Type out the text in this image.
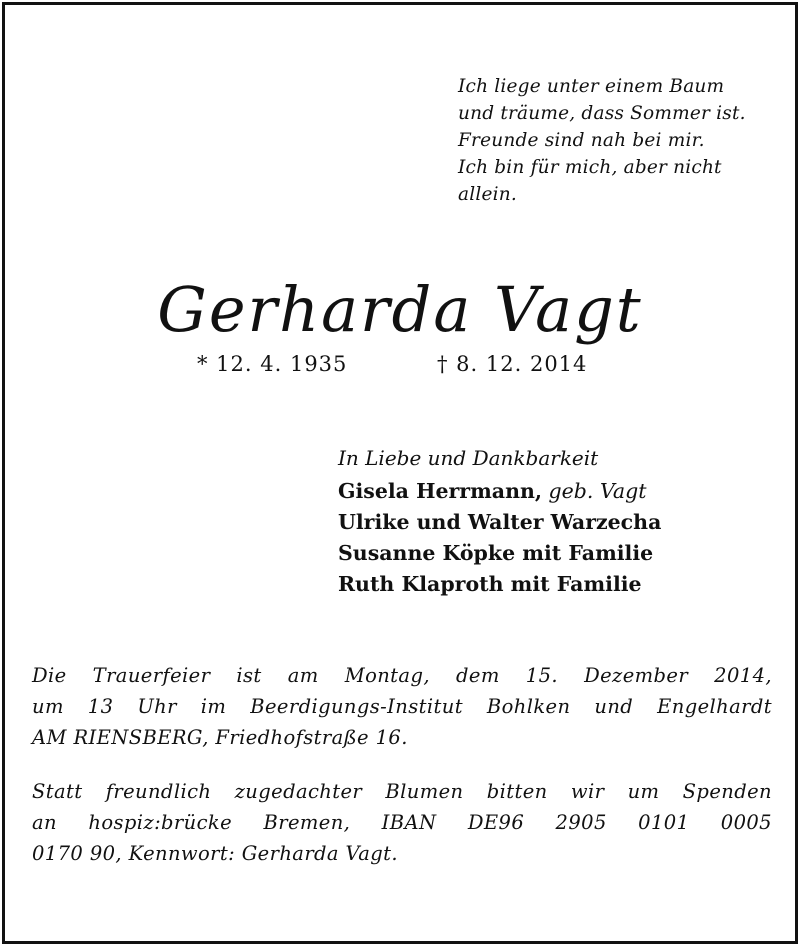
Ich liege unter einem Baum
und träume, dass Sommer ist.
Freunde sind nah bei mir.
Ich bin für mich, aber nicht
allein.
Gerharda Vagt
* 12. 4. 1935	† 8. 12. 2014
In Liebe und Dankbarkeit
Gisela Herrmann, geb. Vagt
Ulrike und Walter Warzecha
Susanne Köpke mit Familie
Ruth Klaproth mit Familie
Die Trauerfeier ist am Montag, dem 15. Dezember 2014,
um 13 Uhr im Beerdigungs-Institut Bohlken und Engelhardt
AM RIENSBERG, Friedhofstraße 16.
Statt freundlich zugedachter Blumen bitten wir um Spenden
an hospiz:brücke Bremen, IBAN DE96 2905 0101 0005
0170 90, Kennwort: Gerharda Vagt.
